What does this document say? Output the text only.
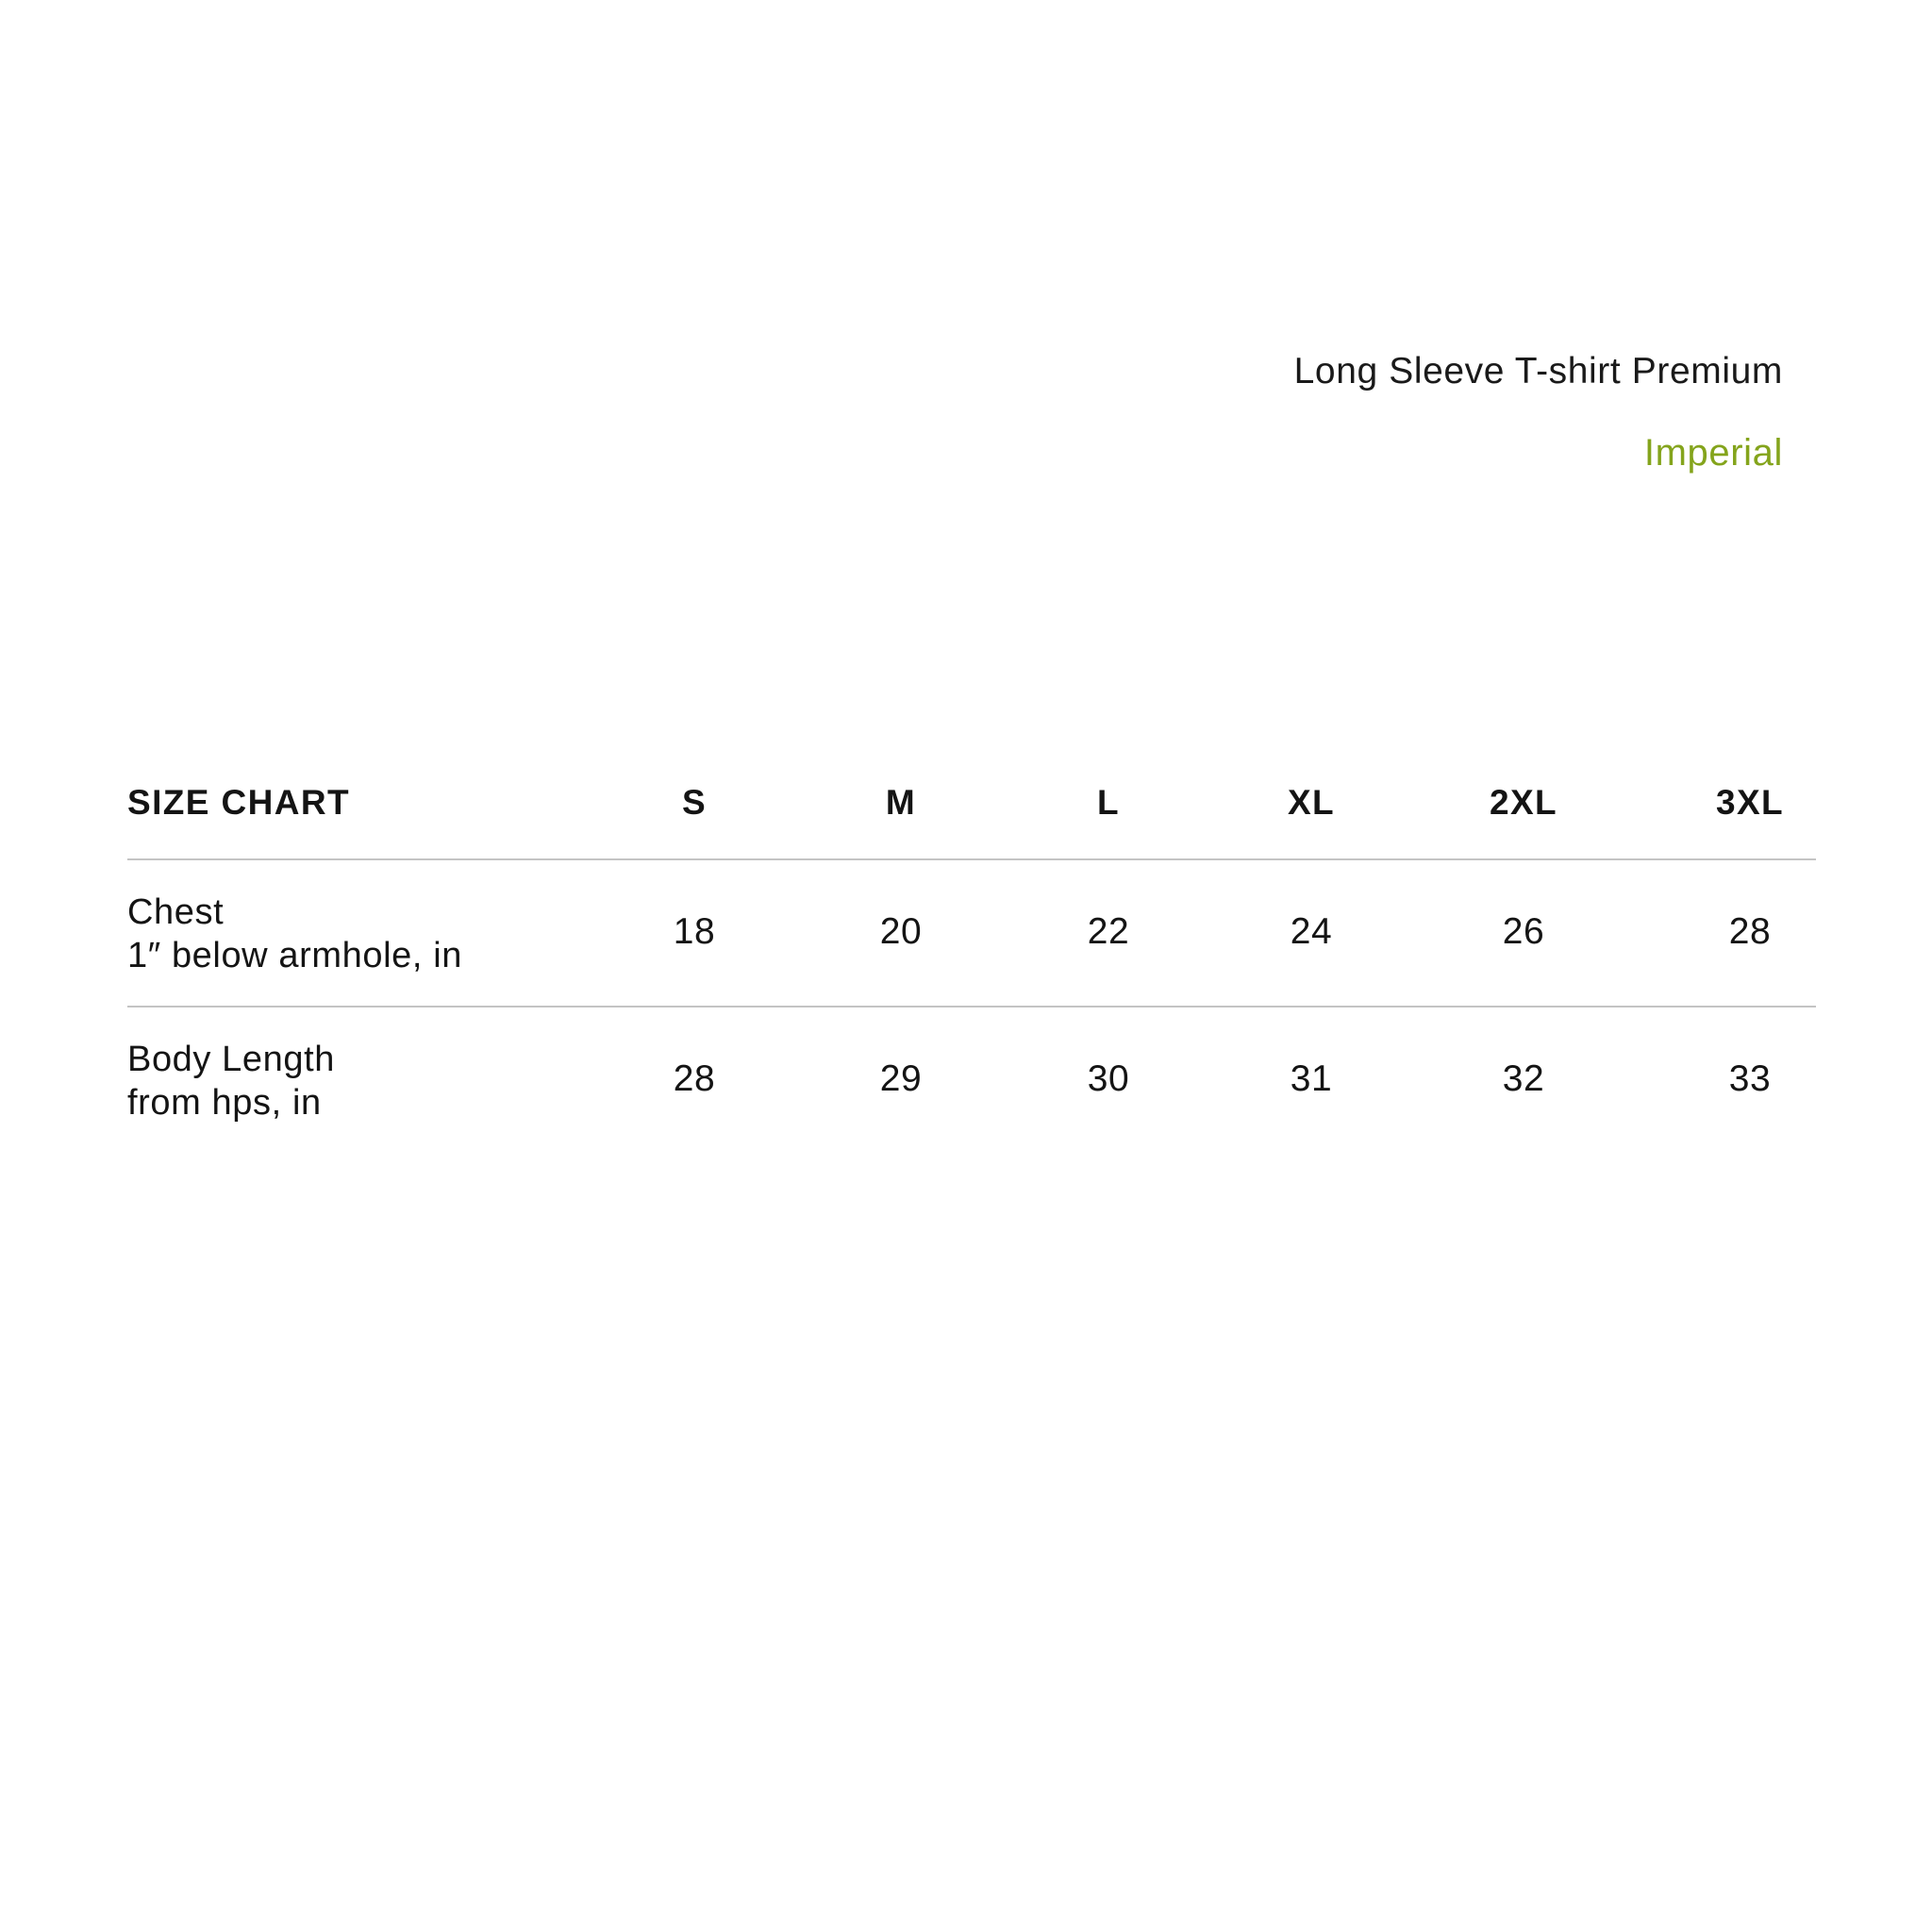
Long Sleeve T-shirt Premium
Imperial
SIZE CHART	S	M	L	XL	2XL	3XL
Chest
1″ below armhole, in
18	20	22	24	26	28
Body Length
from hps, in
28	29	30	31	32	33
